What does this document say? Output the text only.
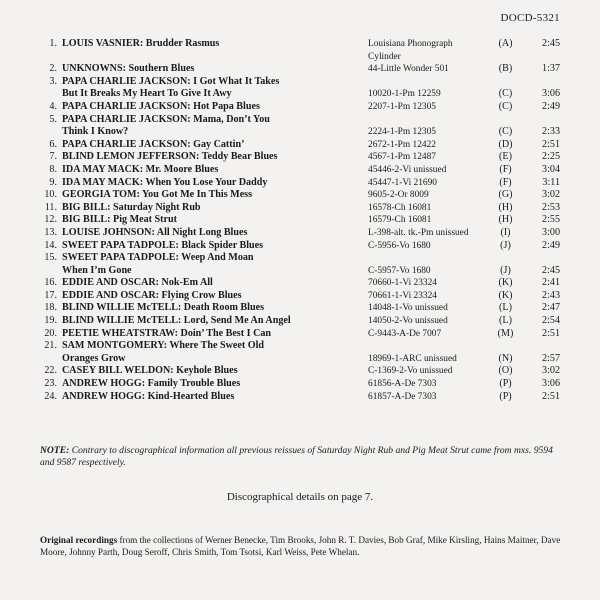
DOCD-5321
1. LOUIS VASNIER: Brudder Rasmus	Louisiana Phonograph
Cylinder
(A)	2:45
2. UNKNOWNS: Southern Blues	44-Little Wonder 501	(B)	1:37
3. PAPA CHARLIE JACKSON: I Got What It Takes
But It Breaks My Heart To Give It Awy	10020-1-Pm 12259	(C)	3:06
4. PAPA CHARLIE JACKSON: Hot Papa Blues	2207-1-Pm 12305	(C)	2:49
5. PAPA CHARLIE JACKSON: Mama, Don’t You
Think I Know?	2224-1-Pm 12305	(C)	2:33
6. PAPA CHARLIE JACKSON: Gay Cattin’	2672-1-Pm 12422	(D)	2:51
7. BLIND LEMON JEFFERSON: Teddy Bear Blues	4567-1-Pm 12487	(E)	2:25
8. IDA MAY MACK: Mr. Moore Blues	45446-2-Vi unissued	(F)	3:04
9. IDA MAY MACK: When You Lose Your Daddy	45447-1-Vi 21690	(F)	3:11
10. GEORGIA TOM: You Got Me In This Mess	9605-2-Or 8009	(G)	3:02
11. BIG BILL: Saturday Night Rub	16578-Ch 16081	(H)	2:53
12. BIG BILL: Pig Meat Strut	16579-Ch 16081	(H)	2:55
13. LOUISE JOHNSON: All Night Long Blues	L-398-alt. tk.-Pm unissued	(I)	3:00
14. SWEET PAPA TADPOLE: Black Spider Blues	C-5956-Vo 1680	(J)	2:49
15. SWEET PAPA TADPOLE: Weep And Moan
When I’m Gone	C-5957-Vo 1680	(J)	2:45
16. EDDIE AND OSCAR: Nok-Em All	70660-1-Vi 23324	(K)	2:41
17. EDDIE AND OSCAR: Flying Crow Blues	70661-1-Vi 23324	(K)	2:43
18. BLIND WILLIE McTELL: Death Room Blues	14048-1-Vo unissued	(L)	2:47
19. BLIND WILLIE McTELL: Lord, Send Me An Angel	14050-2-Vo unissued	(L)	2:54
20. PEETIE WHEATSTRAW: Doin’ The Best I Can	C-9443-A-De 7007	(M)	2:51
21. SAM MONTGOMERY: Where The Sweet Old
Oranges Grow	18969-1-ARC unissued	(N)	2:57
22. CASEY BILL WELDON: Keyhole Blues	C-1369-2-Vo unissued	(O)	3:02
23. ANDREW HOGG: Family Trouble Blues	61856-A-De 7303	(P)	3:06
24. ANDREW HOGG: Kind-Hearted Blues	61857-A-De 7303	(P)	2:51
NOTE: Contrary to discographical information all previous reissues of Saturday Night Rub and Pig Meat Strut came from mxs. 9594 and 9587 respectively.
Discographical details on page 7.
Original recordings from the collections of Werner Benecke, Tim Brooks, John R. T. Davies, Bob Graf, Mike Kirsling, Hains Maitner, Dave Moore, Johnny Parth, Doug Seroff, Chris Smith, Tom Tsotsi, Karl Weiss, Pete Whelan.
